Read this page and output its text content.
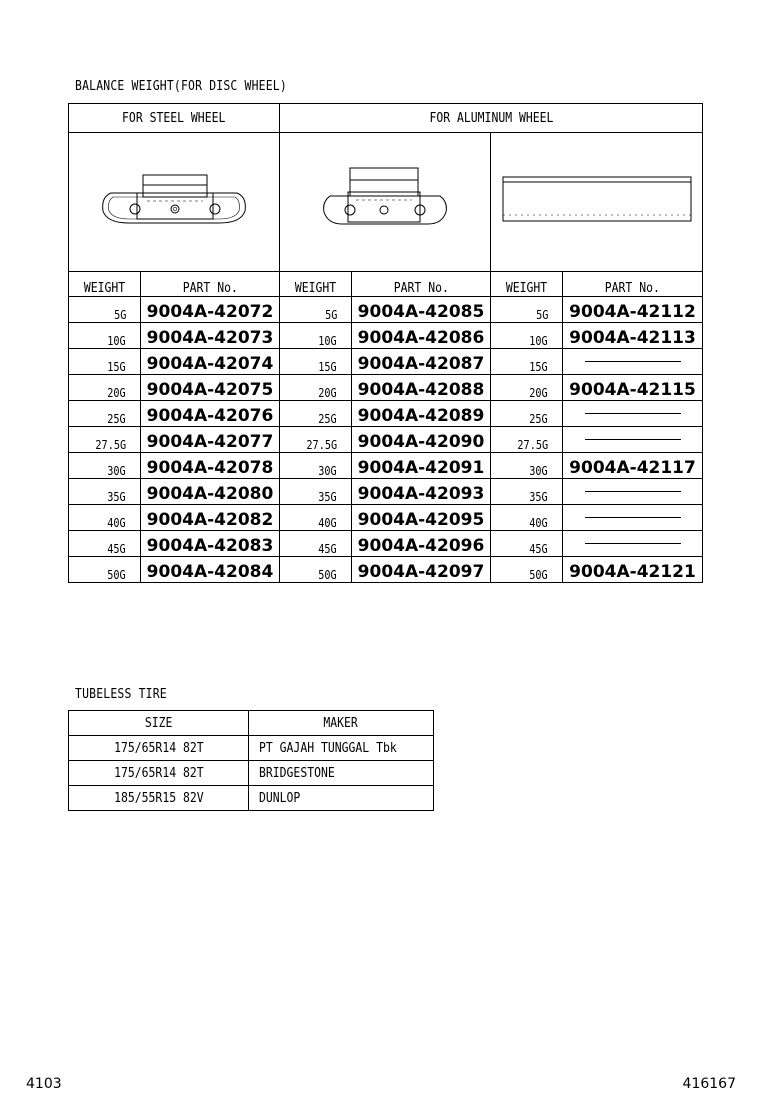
BALANCE WEIGHT(FOR DISC WHEEL)
FOR STEEL WHEEL		FOR ALUMINUM WHEEL			

WEIGHT	PART No.	WEIGHT	PART No.	WEIGHT	PART No.
5G	9004A-42072	5G	9004A-42085	5G	9004A-42112
10G	9004A-42073	10G	9004A-42086	10G	9004A-42113
15G	9004A-42074	15G	9004A-42087	15G	
20G	9004A-42075	20G	9004A-42088	20G	9004A-42115
25G	9004A-42076	25G	9004A-42089	25G	
27.5G	9004A-42077	27.5G	9004A-42090	27.5G	
30G	9004A-42078	30G	9004A-42091	30G	9004A-42117
35G	9004A-42080	35G	9004A-42093	35G	
40G	9004A-42082	40G	9004A-42095	40G	
45G	9004A-42083	45G	9004A-42096	45G	
50G	9004A-42084	50G	9004A-42097	50G	9004A-42121
TUBELESS TIRE
SIZE	MAKER
175/65R14 82T	PT GAJAH TUNGGAL Tbk
175/65R14 82T	BRIDGESTONE
185/55R15 82V	DUNLOP
4103	416167
